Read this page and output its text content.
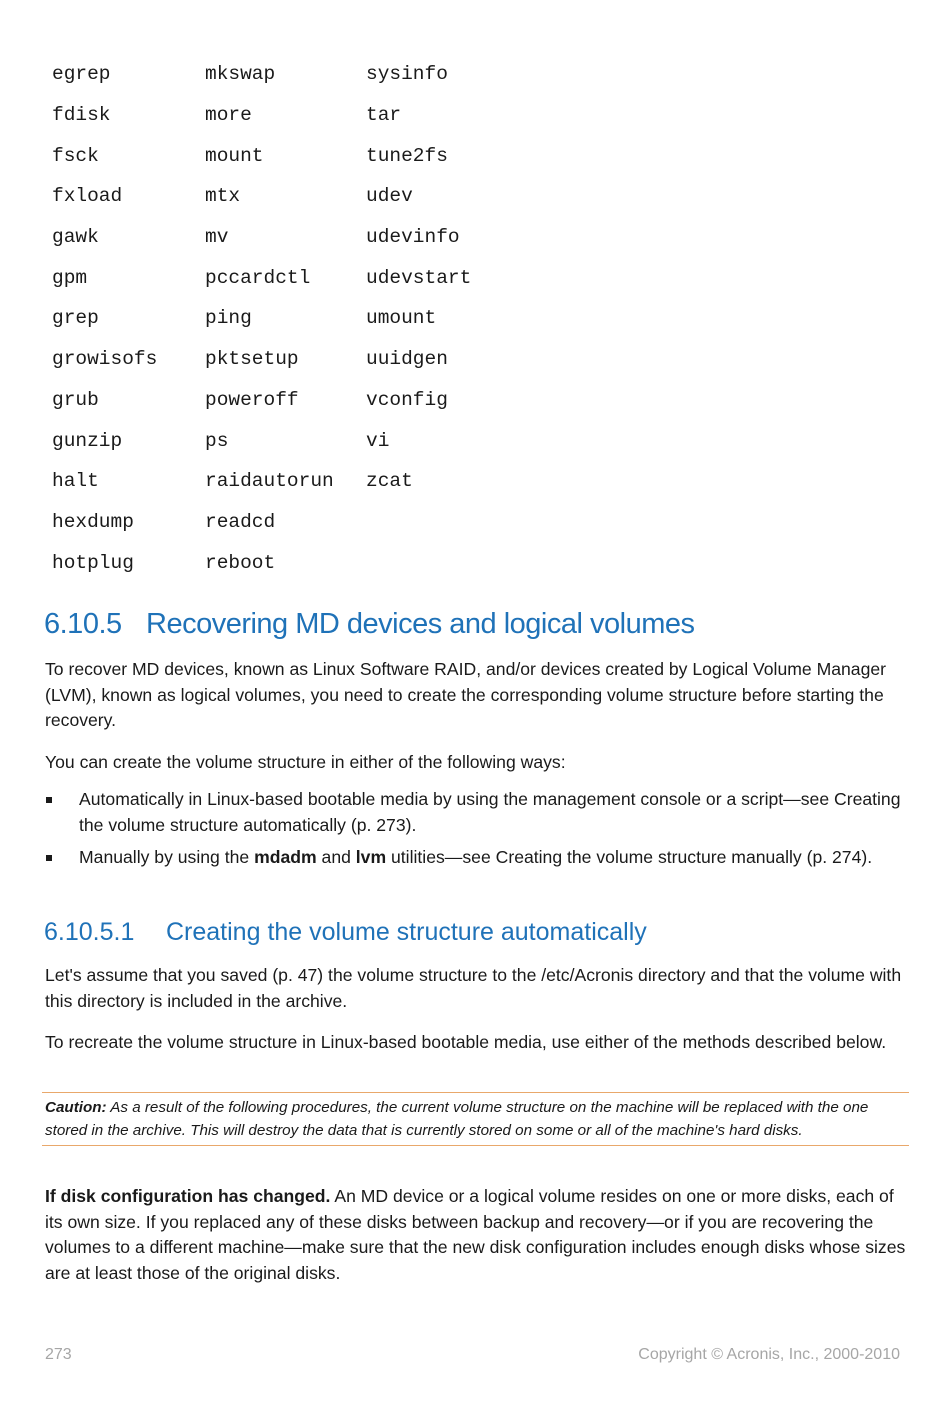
egrep	mkswap	sysinfo
fdisk	more	tar
fsck	mount	tune2fs
fxload	mtx	udev
gawk	mv	udevinfo
gpm	pccardctl	udevstart
grep	ping	umount
growisofs	pktsetup	uuidgen
grub	poweroff	vconfig
gunzip	ps	vi
halt	raidautorun	zcat
hexdump	readcd
hotplug	reboot
6.10.5 Recovering MD devices and logical volumes

To recover MD devices, known as Linux Software RAID, and/or devices created by Logical Volume Manager (LVM), known as logical volumes, you need to create the corresponding volume structure before starting the recovery.

You can create the volume structure in either of the following ways:

Automatically in Linux-based bootable media by using the management console or a script—see Creating the volume structure automatically (p. 273).
Manually by using the mdadm and lvm utilities—see Creating the volume structure manually (p. 274).
6.10.5.1 Creating the volume structure automatically

Let's assume that you saved (p. 47) the volume structure to the /etc/Acronis directory and that the volume with this directory is included in the archive.

To recreate the volume structure in Linux-based bootable media, use either of the methods described below.

Caution: As a result of the following procedures, the current volume structure on the machine will be replaced with the one stored in the archive. This will destroy the data that is currently stored on some or all of the machine's hard disks.

If disk configuration has changed. An MD device or a logical volume resides on one or more disks, each of its own size. If you replaced any of these disks between backup and recovery—or if you are recovering the volumes to a different machine—make sure that the new disk configuration includes enough disks whose sizes are at least those of the original disks.

273	Copyright © Acronis, Inc., 2000-2010
